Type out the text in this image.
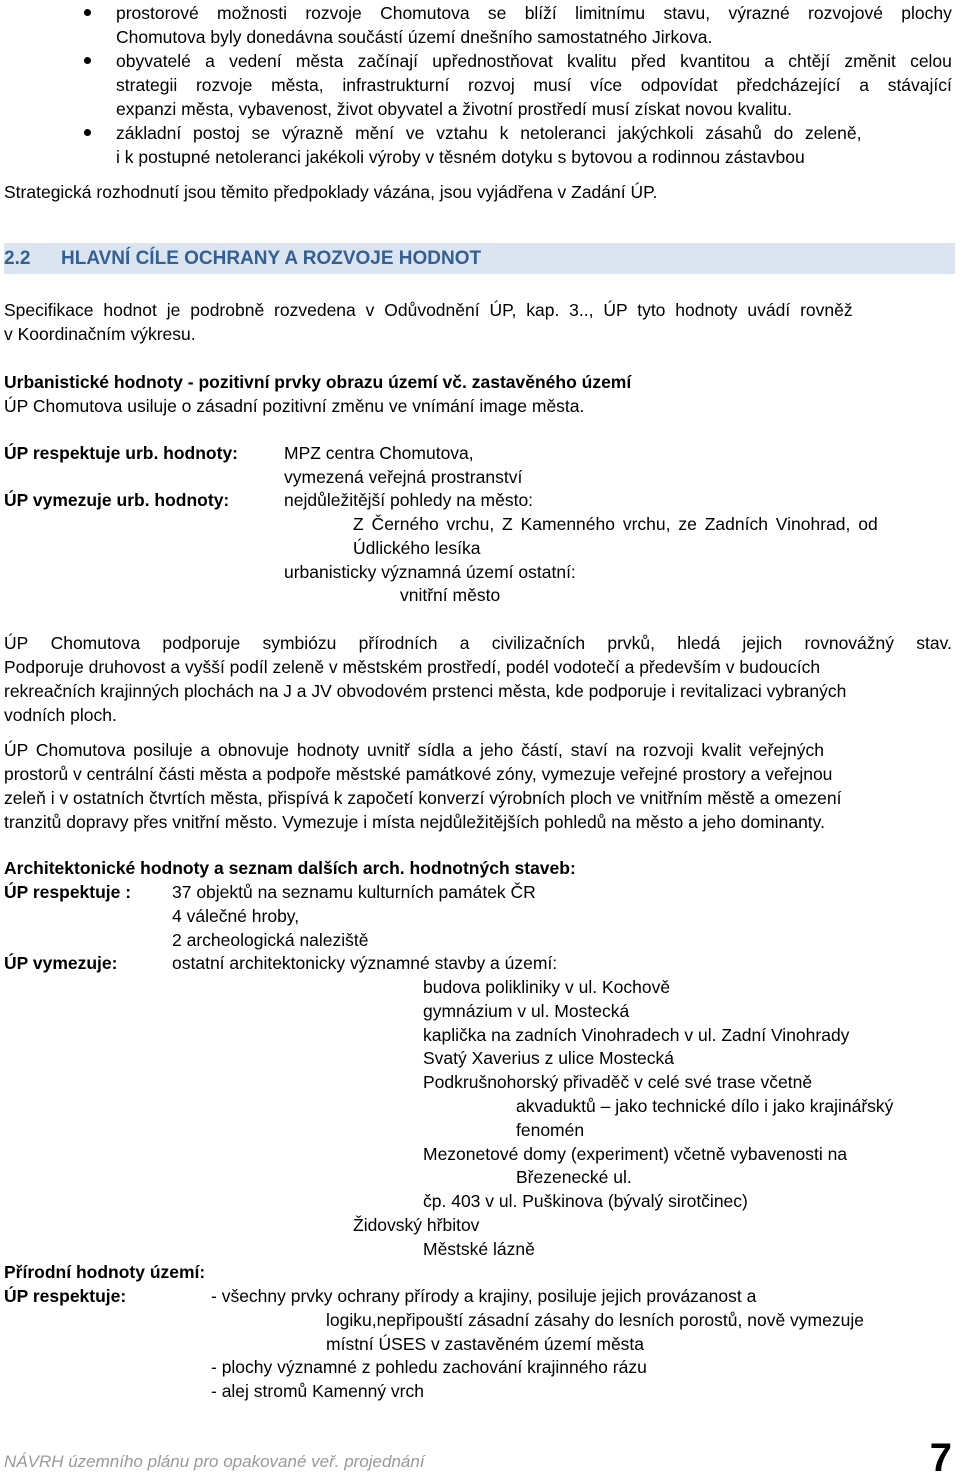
prostorové možnosti rozvoje Chomutova se blíží limitnímu stavu, výrazné rozvojové plochy
Chomutova byly donedávna součástí území dnešního samostatného Jirkova.
obyvatelé a vedení města začínají upřednostňovat kvalitu před kvantitou a chtějí změnit celou
strategii rozvoje města, infrastrukturní rozvoj musí více odpovídat předcházející a stávající
expanzi města, vybavenost, život obyvatel a životní prostředí musí získat novou kvalitu.
základní postoj se výrazně mění ve vztahu k netoleranci jakýchkoli zásahů do zeleně,
i k postupné netoleranci jakékoli výroby v těsném dotyku s bytovou a rodinnou zástavbou
Strategická rozhodnutí jsou těmito předpoklady vázána, jsou vyjádřena v Zadání ÚP.
2.2 HLAVNÍ CÍLE OCHRANY A ROZVOJE HODNOT
Specifikace hodnot je podrobně rozvedena v Odůvodnění ÚP, kap. 3.., ÚP tyto hodnoty uvádí rovněž
v Koordinačním výkresu.
Urbanistické hodnoty - pozitivní prvky obrazu území vč. zastavěného území
ÚP Chomutova usiluje o zásadní pozitivní změnu ve vnímání image města.
ÚP respektuje urb. hodnoty:	MPZ centra Chomutova,
vymezená veřejná prostranství
ÚP vymezuje urb. hodnoty:	nejdůležitější pohledy na město:
Z Černého vrchu, Z Kamenného vrchu, ze Zadních Vinohrad, od
Údlického lesíka
urbanisticky významná území ostatní:
vnitřní město
ÚP Chomutova podporuje symbiózu přírodních a civilizačních prvků, hledá jejich rovnovážný stav.
Podporuje druhovost a vyšší podíl zeleně v městském prostředí, podél vodotečí a především v budoucích
rekreačních krajinných plochách na J a JV obvodovém prstenci města, kde podporuje i revitalizaci vybraných
vodních ploch.
ÚP Chomutova posiluje a obnovuje hodnoty uvnitř sídla a jeho částí, staví na rozvoji kvalit veřejných
prostorů v centrální části města a podpoře městské památkové zóny, vymezuje veřejné prostory a veřejnou
zeleň i v ostatních čtvrtích města, přispívá k započetí konverzí výrobních ploch ve vnitřním městě a omezení
tranzitů dopravy přes vnitřní město. Vymezuje i místa nejdůležitějších pohledů na město a jeho dominanty.
Architektonické hodnoty a seznam dalších arch. hodnotných staveb:
ÚP respektuje : 37 objektů na seznamu kulturních památek ČR
4 válečné hroby,
2 archeologická naleziště
ÚP vymezuje:	ostatní architektonicky významné stavby a území:
budova polikliniky v ul. Kochově
gymnázium v ul. Mostecká
kaplička na zadních Vinohradech v ul. Zadní Vinohrady
Svatý Xaverius z ulice Mostecká
Podkrušnohorský přivaděč v celé své trase včetně
akvaduktů – jako technické dílo i jako krajinářský
fenomén
Mezonetové domy (experiment) včetně vybavenosti na
Březenecké ul.
čp. 403 v ul. Puškinova (bývalý sirotčinec)
Židovský hřbitov
Městské lázně
Přírodní hodnoty území:
ÚP respektuje:	- všechny prvky ochrany přírody a krajiny, posiluje jejich provázanost a
logiku,nepřipouští zásadní zásahy do lesních porostů, nově vymezuje
místní ÚSES v zastavěném území města
- plochy významné z pohledu zachování krajinného rázu
- alej stromů Kamenný vrch
NÁVRH územního plánu pro opakované veř. projednání	7
